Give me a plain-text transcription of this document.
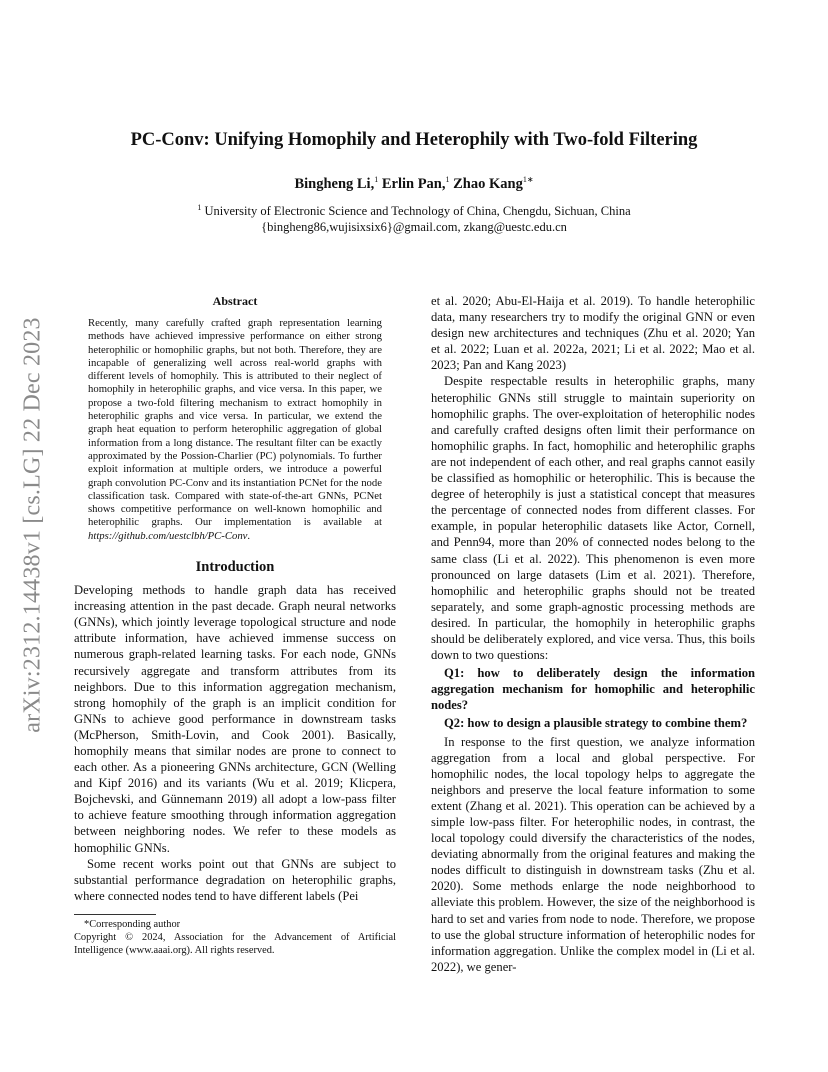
arXiv:2312.14438v1 [cs.LG] 22 Dec 2023
PC-Conv: Unifying Homophily and Heterophily with Two-fold Filtering
Bingheng Li,$^1$ Erlin Pan,$^1$ Zhao Kang$^{1∗}$
$^1$ University of Electronic Science and Technology of China, Chengdu, Sichuan, China
{bingheng86,wujisixsix6}@gmail.com, zkang@uestc.edu.cn
Abstract
Recently, many carefully crafted graph representation learning methods have achieved impressive performance on either strong heterophilic or homophilic graphs, but not both. Therefore, they are incapable of generalizing well across real-world graphs with different levels of homophily. This is attributed to their neglect of homophily in heterophilic graphs, and vice versa. In this paper, we propose a two-fold filtering mechanism to extract homophily in heterophilic graphs and vice versa. In particular, we extend the graph heat equation to perform heterophilic aggregation of global information from a long distance. The resultant filter can be exactly approximated by the Possion-Charlier (PC) polynomials. To further exploit information at multiple orders, we introduce a powerful graph convolution PC-Conv and its instantiation PCNet for the node classification task. Compared with state-of-the-art GNNs, PCNet shows competitive performance on well-known homophilic and heterophilic graphs. Our implementation is available at https://github.com/uestclbh/PC-Conv.
Introduction

Developing methods to handle graph data has received increasing attention in the past decade. Graph neural networks (GNNs), which jointly leverage topological structure and node attribute information, have achieved immense success on numerous graph-related learning tasks. For each node, GNNs recursively aggregate and transform attributes from its neighbors. Due to this information aggregation mechanism, strong homophily of the graph is an implicit condition for GNNs to achieve good performance in downstream tasks (McPherson, Smith-Lovin, and Cook 2001). Basically, homophily means that similar nodes are prone to connect to each other. As a pioneering GNNs architecture, GCN (Welling and Kipf 2016) and its variants (Wu et al. 2019; Klicpera, Bojchevski, and Günnemann 2019) all adopt a low-pass filter to achieve feature smoothing through information aggregation between neighboring nodes. We refer to these models as homophilic GNNs.

Some recent works point out that GNNs are subject to substantial performance degradation on heterophilic graphs, where connected nodes tend to have different labels (Pei

*Corresponding author

Copyright © 2024, Association for the Advancement of Artificial Intelligence (www.aaai.org). All rights reserved.

et al. 2020; Abu-El-Haija et al. 2019). To handle heterophilic data, many researchers try to modify the original GNN or even design new architectures and techniques (Zhu et al. 2020; Yan et al. 2022; Luan et al. 2022a, 2021; Li et al. 2022; Mao et al. 2023; Pan and Kang 2023)

Despite respectable results in heterophilic graphs, many heterophilic GNNs still struggle to maintain superiority on homophilic graphs. The over-exploitation of heterophilic nodes and carefully crafted designs often limit their performance on homophilic graphs. In fact, homophilic and heterophilic graphs are not independent of each other, and real graphs cannot easily be classified as homophilic or heterophilic. This is because the degree of heterophily is just a statistical concept that measures the percentage of connected nodes from different classes. For example, in popular heterophilic datasets like Actor, Cornell, and Penn94, more than 20% of connected nodes belong to the same class (Li et al. 2022). This phenomenon is even more pronounced on large datasets (Lim et al. 2021). Therefore, homophilic and heterophilic graphs should not be treated separately, and some graph-agnostic processing methods are desired. In particular, the homophily in heterophilic graphs should be deliberately explored, and vice versa. Thus, this boils down to two questions:

Q1: how to deliberately design the information aggregation mechanism for homophilic and heterophilic nodes?

Q2: how to design a plausible strategy to combine them?

In response to the first question, we analyze information aggregation from a local and global perspective. For homophilic nodes, the local topology helps to aggregate the neighbors and preserve the local feature information to some extent (Zhang et al. 2021). This operation can be achieved by a simple low-pass filter. For heterophilic nodes, in contrast, the local topology could diversify the characteristics of the nodes, deviating abnormally from the original features and making the nodes difficult to distinguish in downstream tasks (Zhu et al. 2020). Some methods enlarge the node neighborhood to alleviate this problem. However, the size of the neighborhood is hard to set and varies from node to node. Therefore, we propose to use the global structure information of heterophilic nodes for information aggregation. Unlike the complex model in (Li et al. 2022), we gener-
